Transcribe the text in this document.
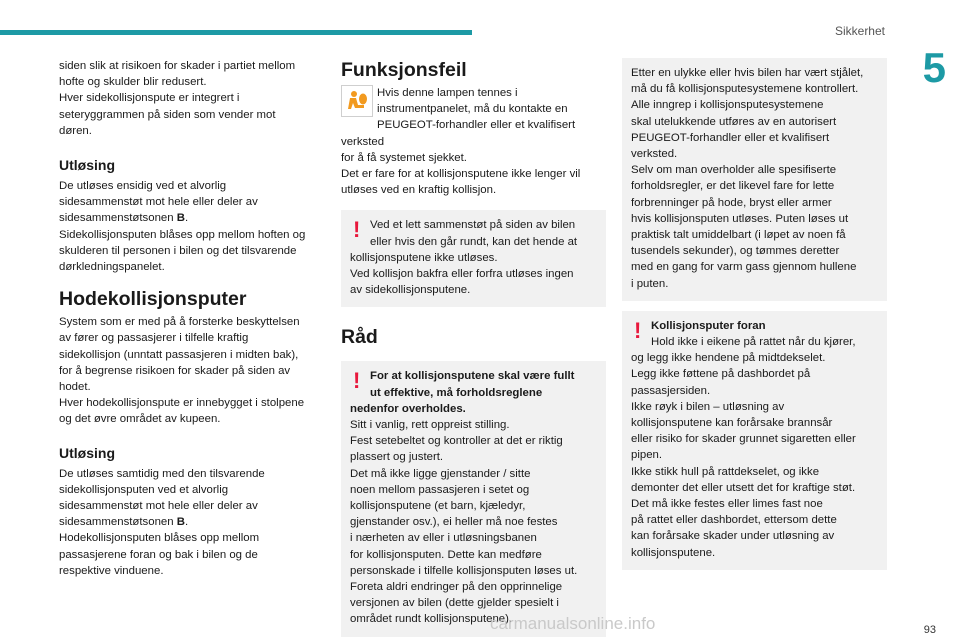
Sikkerhet
5

siden slik at risikoen for skader i partiet mellom
hofte og skulder blir redusert.
Hver sidekollisjonspute er integrert i
seteryggrammen på siden som vender mot
døren.

Utløsing

De utløses ensidig ved et alvorlig
sidesammenstøt mot hele eller deler av
sidesammenstøtsonen B.
Sidekollisjonsputen blåses opp mellom hoften og
skulderen til personen i bilen og det tilsvarende
dørkledningspanelet.

Hodekollisjonsputer

System som er med på å forsterke beskyttelsen
av fører og passasjerer i tilfelle kraftig
sidekollisjon (unntatt passasjeren i midten bak),
for å begrense risikoen for skader på siden av
hodet.
Hver hodekollisjonspute er innebygget i stolpene
og det øvre området av kupeen.

Utløsing

De utløses samtidig med den tilsvarende
sidekollisjonsputen ved et alvorlig
sidesammenstøt mot hele eller deler av
sidesammenstøtsonen B.
Hodekollisjonsputen blåses opp mellom
passasjerene foran og bak i bilen og de
respektive vinduene.

Funksjonsfeil
Hvis denne lampen tennes i
instrumentpanelet, må du kontakte en
PEUGEOT-forhandler eller et kvalifisert verksted
for å få systemet sjekket.
Det er fare for at kollisjonsputene ikke lenger vil
utløses ved en kraftig kollisjon.
! Ved et lett sammenstøt på siden av bilen
eller hvis den går rundt, kan det hende at
kollisjonsputene ikke utløses.
Ved kollisjon bakfra eller forfra utløses ingen
av sidekollisjonsputene.
Råd
! For at kollisjonsputene skal være fullt
ut effektive, må forholdsreglene
nedenfor overholdes.
Sitt i vanlig, rett oppreist stilling.
Fest setebeltet og kontroller at det er riktig
plassert og justert.
Det må ikke ligge gjenstander / sitte
noen mellom passasjeren i setet og
kollisjonsputene (et barn, kjæledyr,
gjenstander osv.), ei heller må noe festes
i nærheten av eller i utløsningsbanen
for kollisjonsputen. Dette kan medføre
personskade i tilfelle kollisjonsputen løses ut.
Foreta aldri endringer på den opprinnelige
versjonen av bilen (dette gjelder spesielt i
området rundt kollisjonsputene).
Etter en ulykke eller hvis bilen har vært stjålet,
må du få kollisjonsputesystemene kontrollert.
Alle inngrep i kollisjonsputesystemene
skal utelukkende utføres av en autorisert
PEUGEOT-forhandler eller et kvalifisert
verksted.
Selv om man overholder alle spesifiserte
forholdsregler, er det likevel fare for lette
forbrenninger på hode, bryst eller armer
hvis kollisjonsputen utløses. Puten løses ut
praktisk talt umiddelbart (i løpet av noen få
tusendels sekunder), og tømmes deretter
med en gang for varm gass gjennom hullene
i puten.
! Kollisjonsputer foran
Hold ikke i eikene på rattet når du kjører,
og legg ikke hendene på midtdekselet.
Legg ikke føttene på dashbordet på
passasjersiden.
Ikke røyk i bilen – utløsning av
kollisjonsputene kan forårsake brannsår
eller risiko for skader grunnet sigaretten eller
pipen.
Ikke stikk hull på rattdekselet, og ikke
demonter det eller utsett det for kraftige støt.
Det må ikke festes eller limes fast noe
på rattet eller dashbordet, ettersom dette
kan forårsake skader under utløsning av
kollisjonsputene.
carmanualsonline.info	93
